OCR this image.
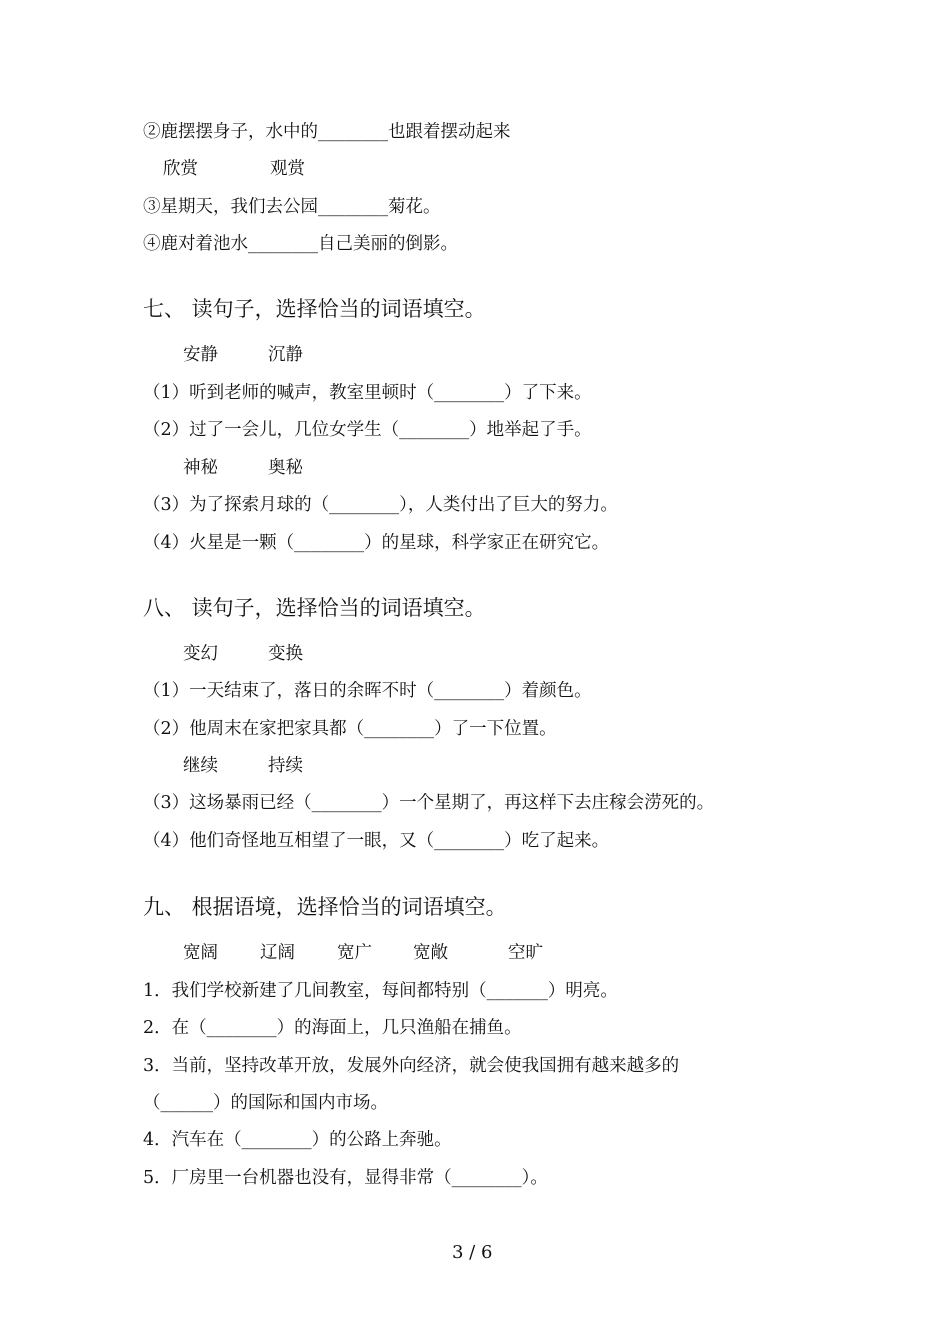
②鹿摆摆身子，水中的________也跟着摆动起来
欣赏	观赏
③星期天，我们去公园________菊花。
④鹿对着池水________自己美丽的倒影。
七、 读句子，选择恰当的词语填空。
安静	沉静
（1）听到老师的喊声，教室里顿时（________）了下来。
（2）过了一会儿，几位女学生（________）地举起了手。
神秘	奥秘
（3）为了探索月球的（________），人类付出了巨大的努力。
（4）火星是一颗（________）的星球，科学家正在研究它。
八、 读句子，选择恰当的词语填空。
变幻	变换
（1）一天结束了，落日的余晖不时（________）着颜色。
（2）他周末在家把家具都（________）了一下位置。
继续	持续
（3）这场暴雨已经（________）一个星期了，再这样下去庄稼会涝死的。
（4）他们奇怪地互相望了一眼，又（________）吃了起来。
九、 根据语境，选择恰当的词语填空。
宽阔 辽阔 宽广 宽敞	空旷
1．我们学校新建了几间教室，每间都特别（_______）明亮。
2．在（________）的海面上，几只渔船在捕鱼。
3．当前，坚持改革开放，发展外向经济，就会使我国拥有越来越多的
（______）的国际和国内市场。
4．汽车在（________）的公路上奔驰。
5．厂房里一台机器也没有，显得非常（________）。
3 / 6
